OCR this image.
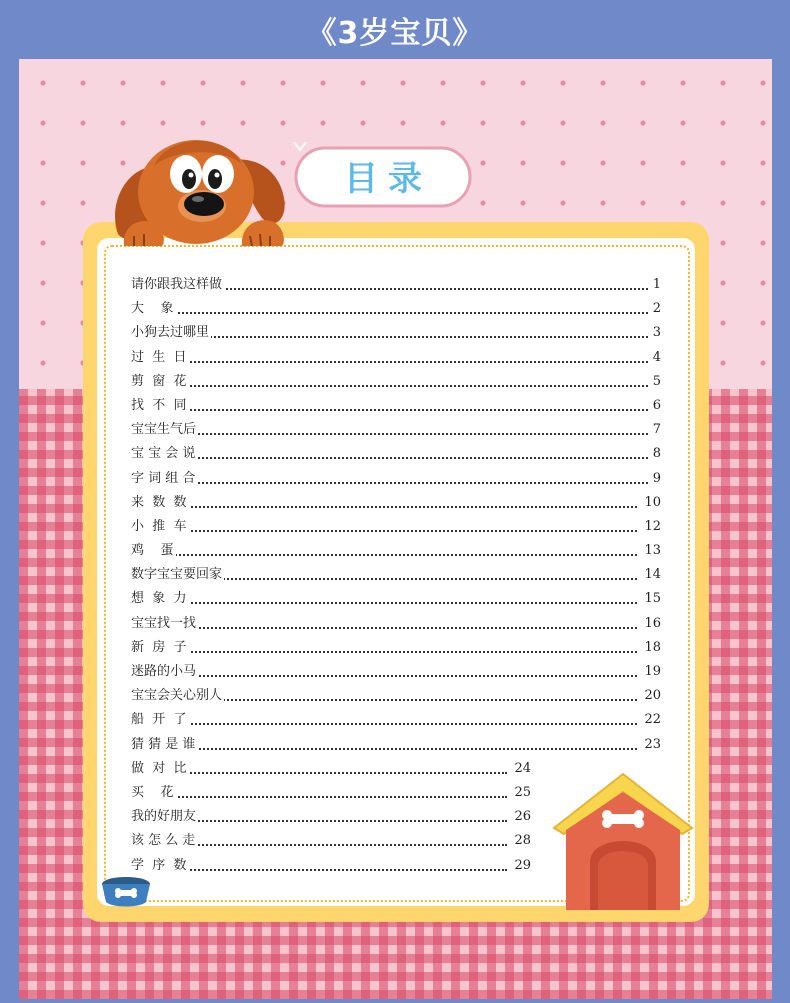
《3岁宝贝》
目录
请你跟我这样做	1
大    象	2
小狗去过哪里	3
过  生  日	4
剪  窗  花	5
找  不  同	6
宝宝生气后	7
宝 宝 会 说	8
字 词 组 合	9
来  数  数	10
小  推  车	12
鸡    蛋	13
数字宝宝要回家	14
想  象  力	15
宝宝找一找	16
新  房  子	18
迷路的小马	19
宝宝会关心别人	20
船  开  了	22
猜 猜 是 谁	23
做  对  比	24
买    花	25
我的好朋友	26
该 怎 么 走	28
学  序  数	29
